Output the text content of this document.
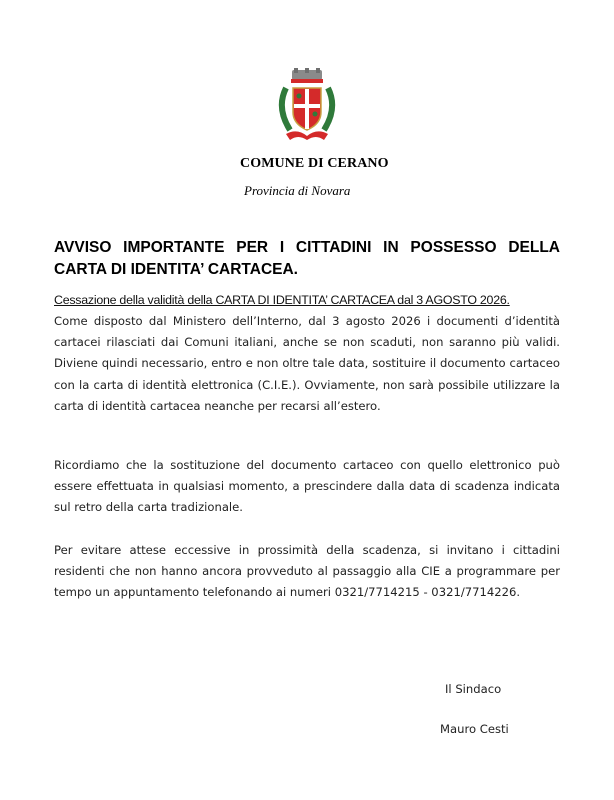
COMUNE DI CERANO
Provincia di Novara
AVVISO IMPORTANTE PER I CITTADINI IN POSSESSO DELLA
CARTA DI IDENTITA’ CARTACEA.
Cessazione della validità della CARTA DI IDENTITA’ CARTACEA dal 3 AGOSTO 2026.
Come disposto dal Ministero dell’Interno, dal 3 agosto 2026 i documenti d’identità cartacei rilasciati dai Comuni italiani, anche se non scaduti, non saranno più validi. Diviene quindi necessario, entro e non oltre tale data, sostituire il documento cartaceo con la carta di identità elettronica (C.I.E.). Ovviamente, non sarà possibile utilizzare la carta di identità cartacea neanche per recarsi all’estero.
Ricordiamo che la sostituzione del documento cartaceo con quello elettronico può essere effettuata in qualsiasi momento, a prescindere dalla data di scadenza indicata sul retro della carta tradizionale.
Per evitare attese eccessive in prossimità della scadenza, si invitano i cittadini residenti che non hanno ancora provveduto al passaggio alla CIE a programmare per tempo un appuntamento telefonando ai numeri 0321/7714215 - 0321/7714226.
Il Sindaco
Mauro Cesti
